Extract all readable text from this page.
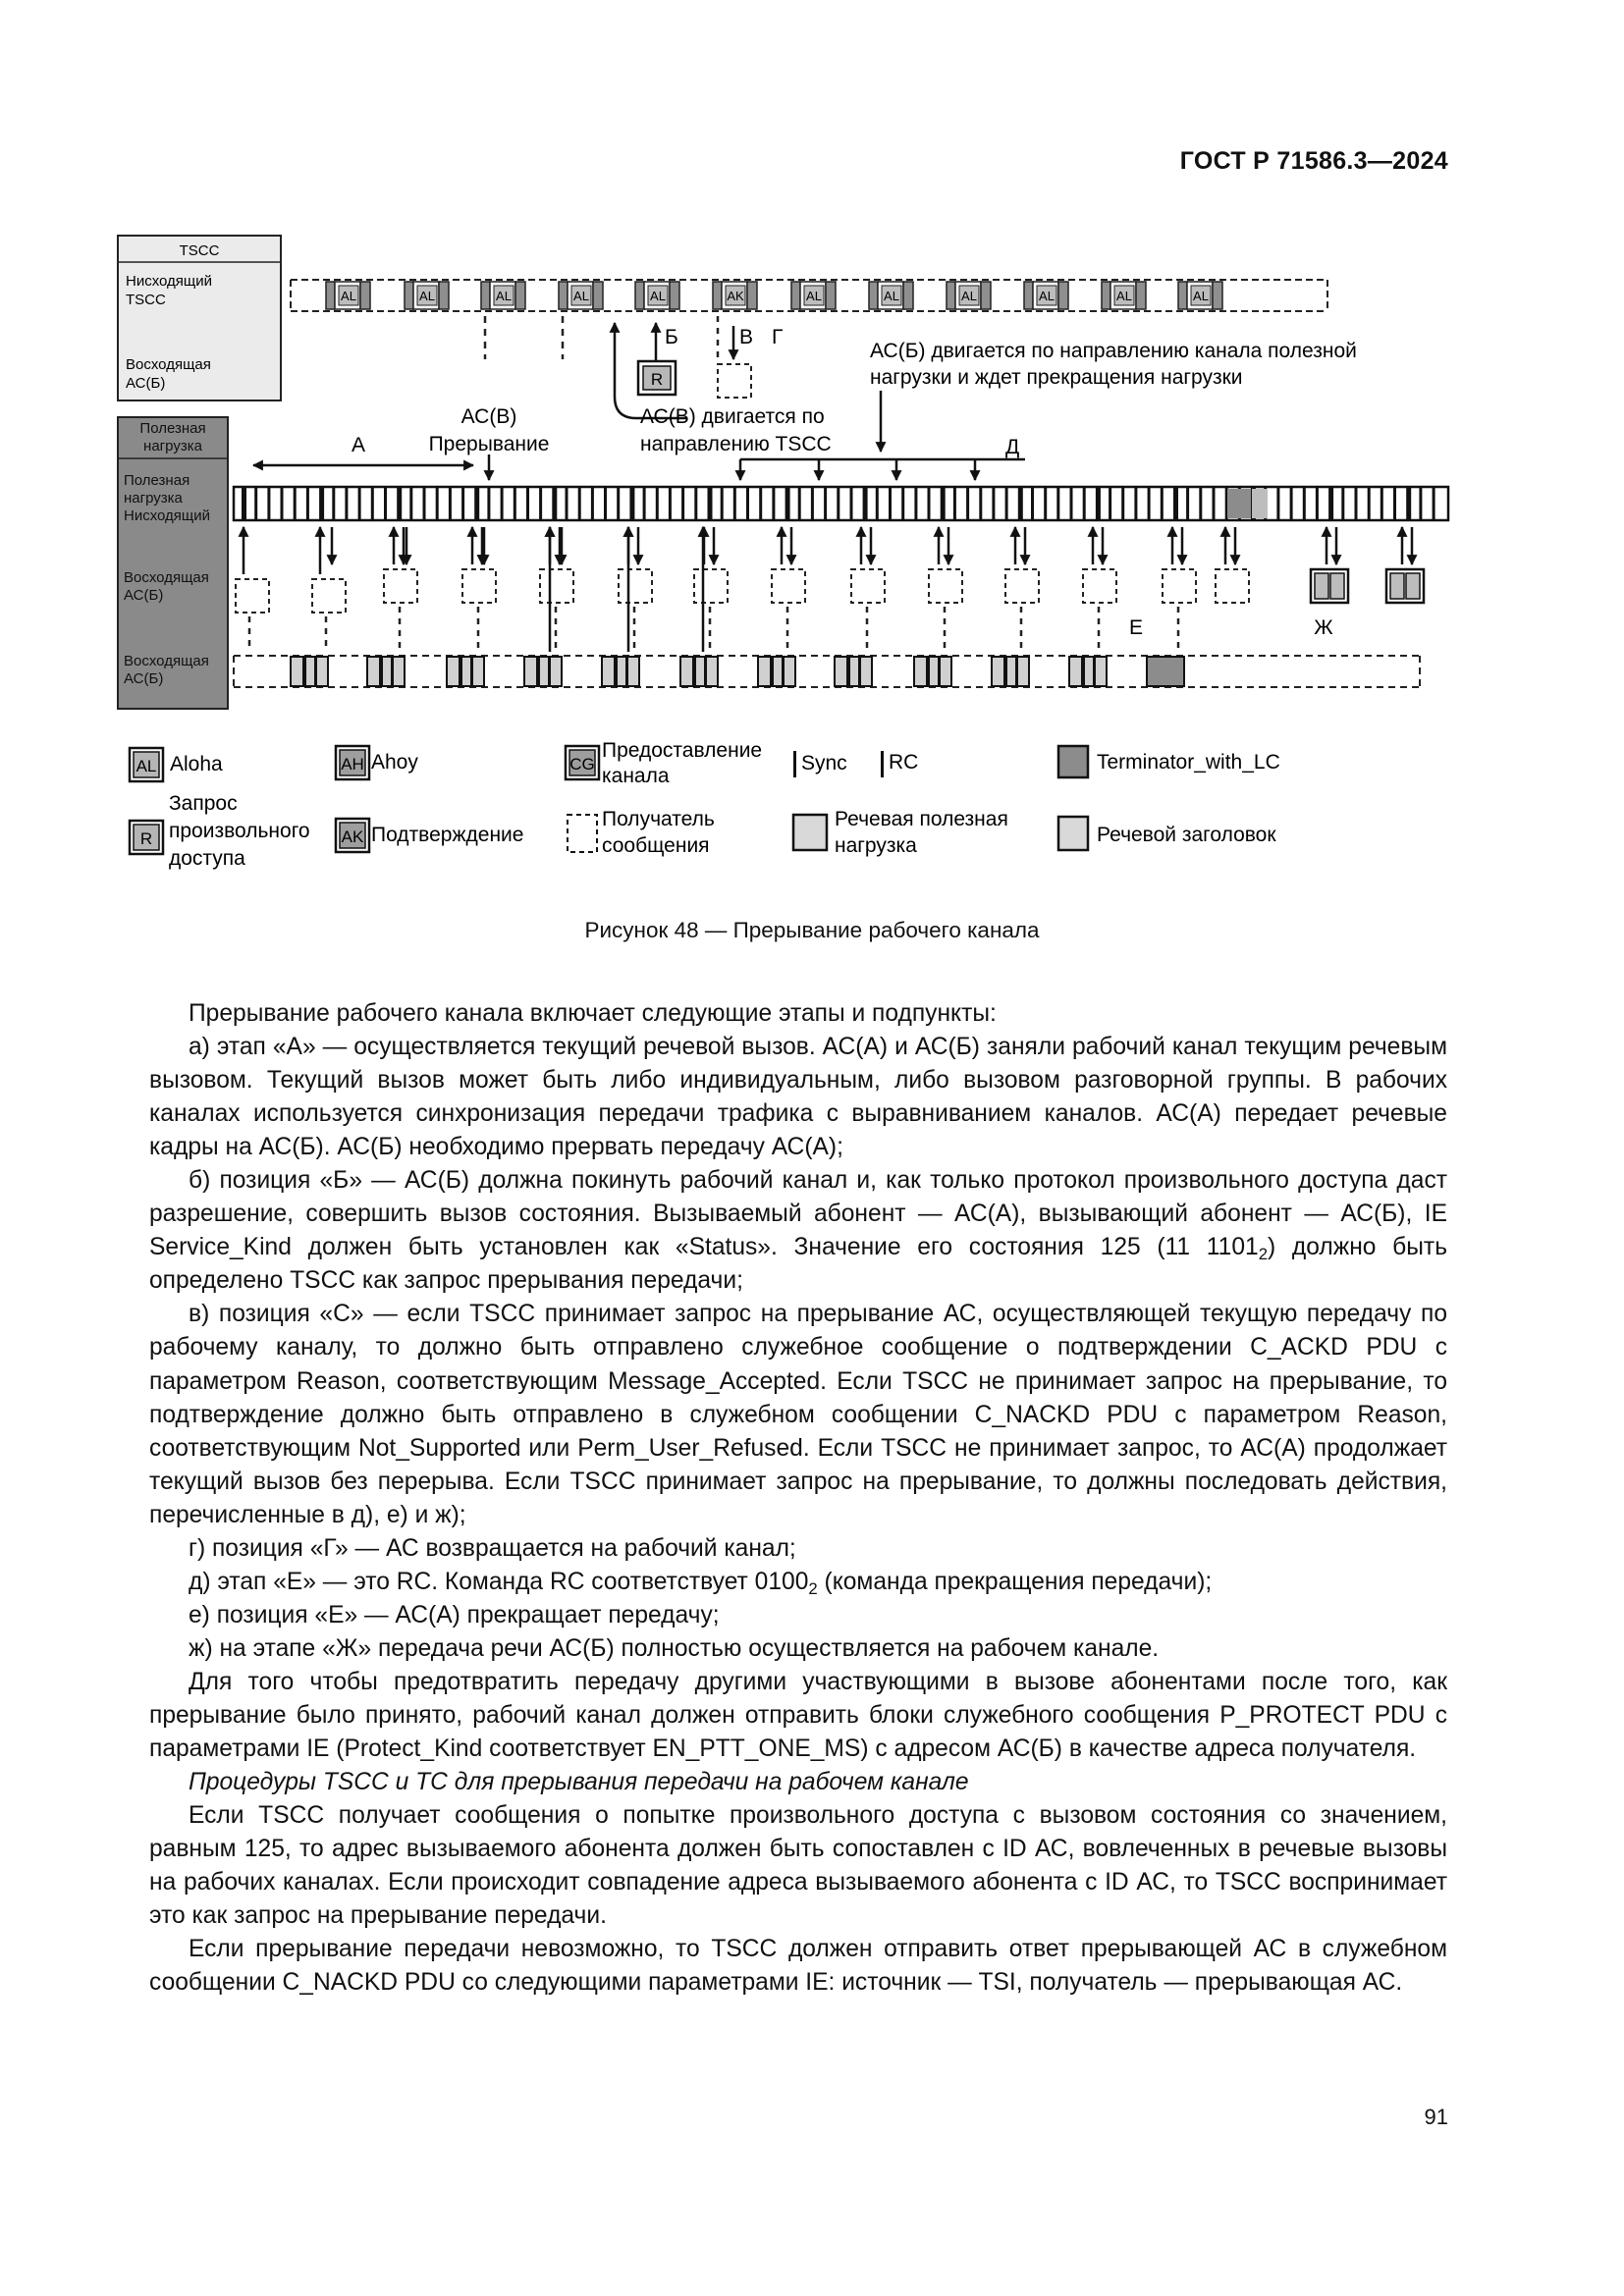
ГОСТ Р 71586.3—2024
TSCC
Нисходящий TSCC
Восходящая АС(Б)
Полезная нагрузка
Полезная нагрузка Нисходящий
Восходящая АС(Б)
Восходящая АС(Б)
AL	AL	AL	AL	AL	AK	AL	AL	AL	AL	AL	AL
Б
R
В Г
АС(Б) двигается по направлению канала полезной нагрузки и ждет прекращения нагрузки
АС(В)
Прерывание
А
АС(В) двигается по направлению TSCC	Д
Е	Ж
AL Aloha	AH Ahoy	CG
Предоставление канала
Sync RC	Terminator_with_LC
R
Запрос произвольного доступа
AK Подтверждение
Получатель сообщения
Речевая полезная нагрузка	Речевой заголовок
Рисунок 48 — Прерывание рабочего канала

Прерывание рабочего канала включает следующие этапы и подпункты:

а) этап «А» — осуществляется текущий речевой вызов. АС(А) и АС(Б) заняли рабочий канал текущим речевым вызовом. Текущий вызов может быть либо индивидуальным, либо вызовом разговорной группы. В рабочих каналах используется синхронизация передачи трафика с выравниванием каналов. АС(А) передает речевые кадры на АС(Б). АС(Б) необходимо прервать передачу АС(А);

б) позиция «Б» — АС(Б) должна покинуть рабочий канал и, как только протокол произвольного доступа даст разрешение, совершить вызов состояния. Вызываемый абонент — АС(А), вызывающий абонент — АС(Б), IE Service_Kind должен быть установлен как «Status». Значение его состояния 125 (11 $1101_2$) должно быть определено TSCC как запрос прерывания передачи;

в) позиция «С» — если TSCC принимает запрос на прерывание АС, осуществляющей текущую передачу по рабочему каналу, то должно быть отправлено служебное сообщение о подтверждении C_ACKD PDU с параметром Reason, соответствующим Message_Accepted. Если TSCC не принимает запрос на прерывание, то подтверждение должно быть отправлено в служебном сообщении C_NACKD PDU с параметром Reason, соответствующим Not_Supported или Perm_User_Refused. Если TSCC не принимает запрос, то АС(А) продолжает текущий вызов без перерыва. Если TSCC принимает запрос на прерывание, то должны последовать действия, перечисленные в д), е) и ж);

г) позиция «Г» — АС возвращается на рабочий канал;

д) этап «Е» — это RC. Команда RC соответствует $0100_2$ (команда прекращения передачи);

е) позиция «Е» — АС(А) прекращает передачу;

ж) на этапе «Ж» передача речи АС(Б) полностью осуществляется на рабочем канале.

Для того чтобы предотвратить передачу другими участвующими в вызове абонентами после того, как прерывание было принято, рабочий канал должен отправить блоки служебного сообщения P_PROTECT PDU с параметрами IE (Protect_Kind соответствует EN_PTT_ONE_MS) с адресом АС(Б) в качестве адреса получателя.

Процедуры TSCC и TC для прерывания передачи на рабочем канале

Если TSCC получает сообщения о попытке произвольного доступа с вызовом состояния со значением, равным 125, то адрес вызываемого абонента должен быть сопоставлен с ID АС, вовлеченных в речевые вызовы на рабочих каналах. Если происходит совпадение адреса вызываемого абонента с ID АС, то TSCC воспринимает это как запрос на прерывание передачи.

Если прерывание передачи невозможно, то TSCC должен отправить ответ прерывающей АС в служебном сообщении C_NACKD PDU со следующими параметрами IE: источник — TSI, получатель — прерывающая АС.

91
